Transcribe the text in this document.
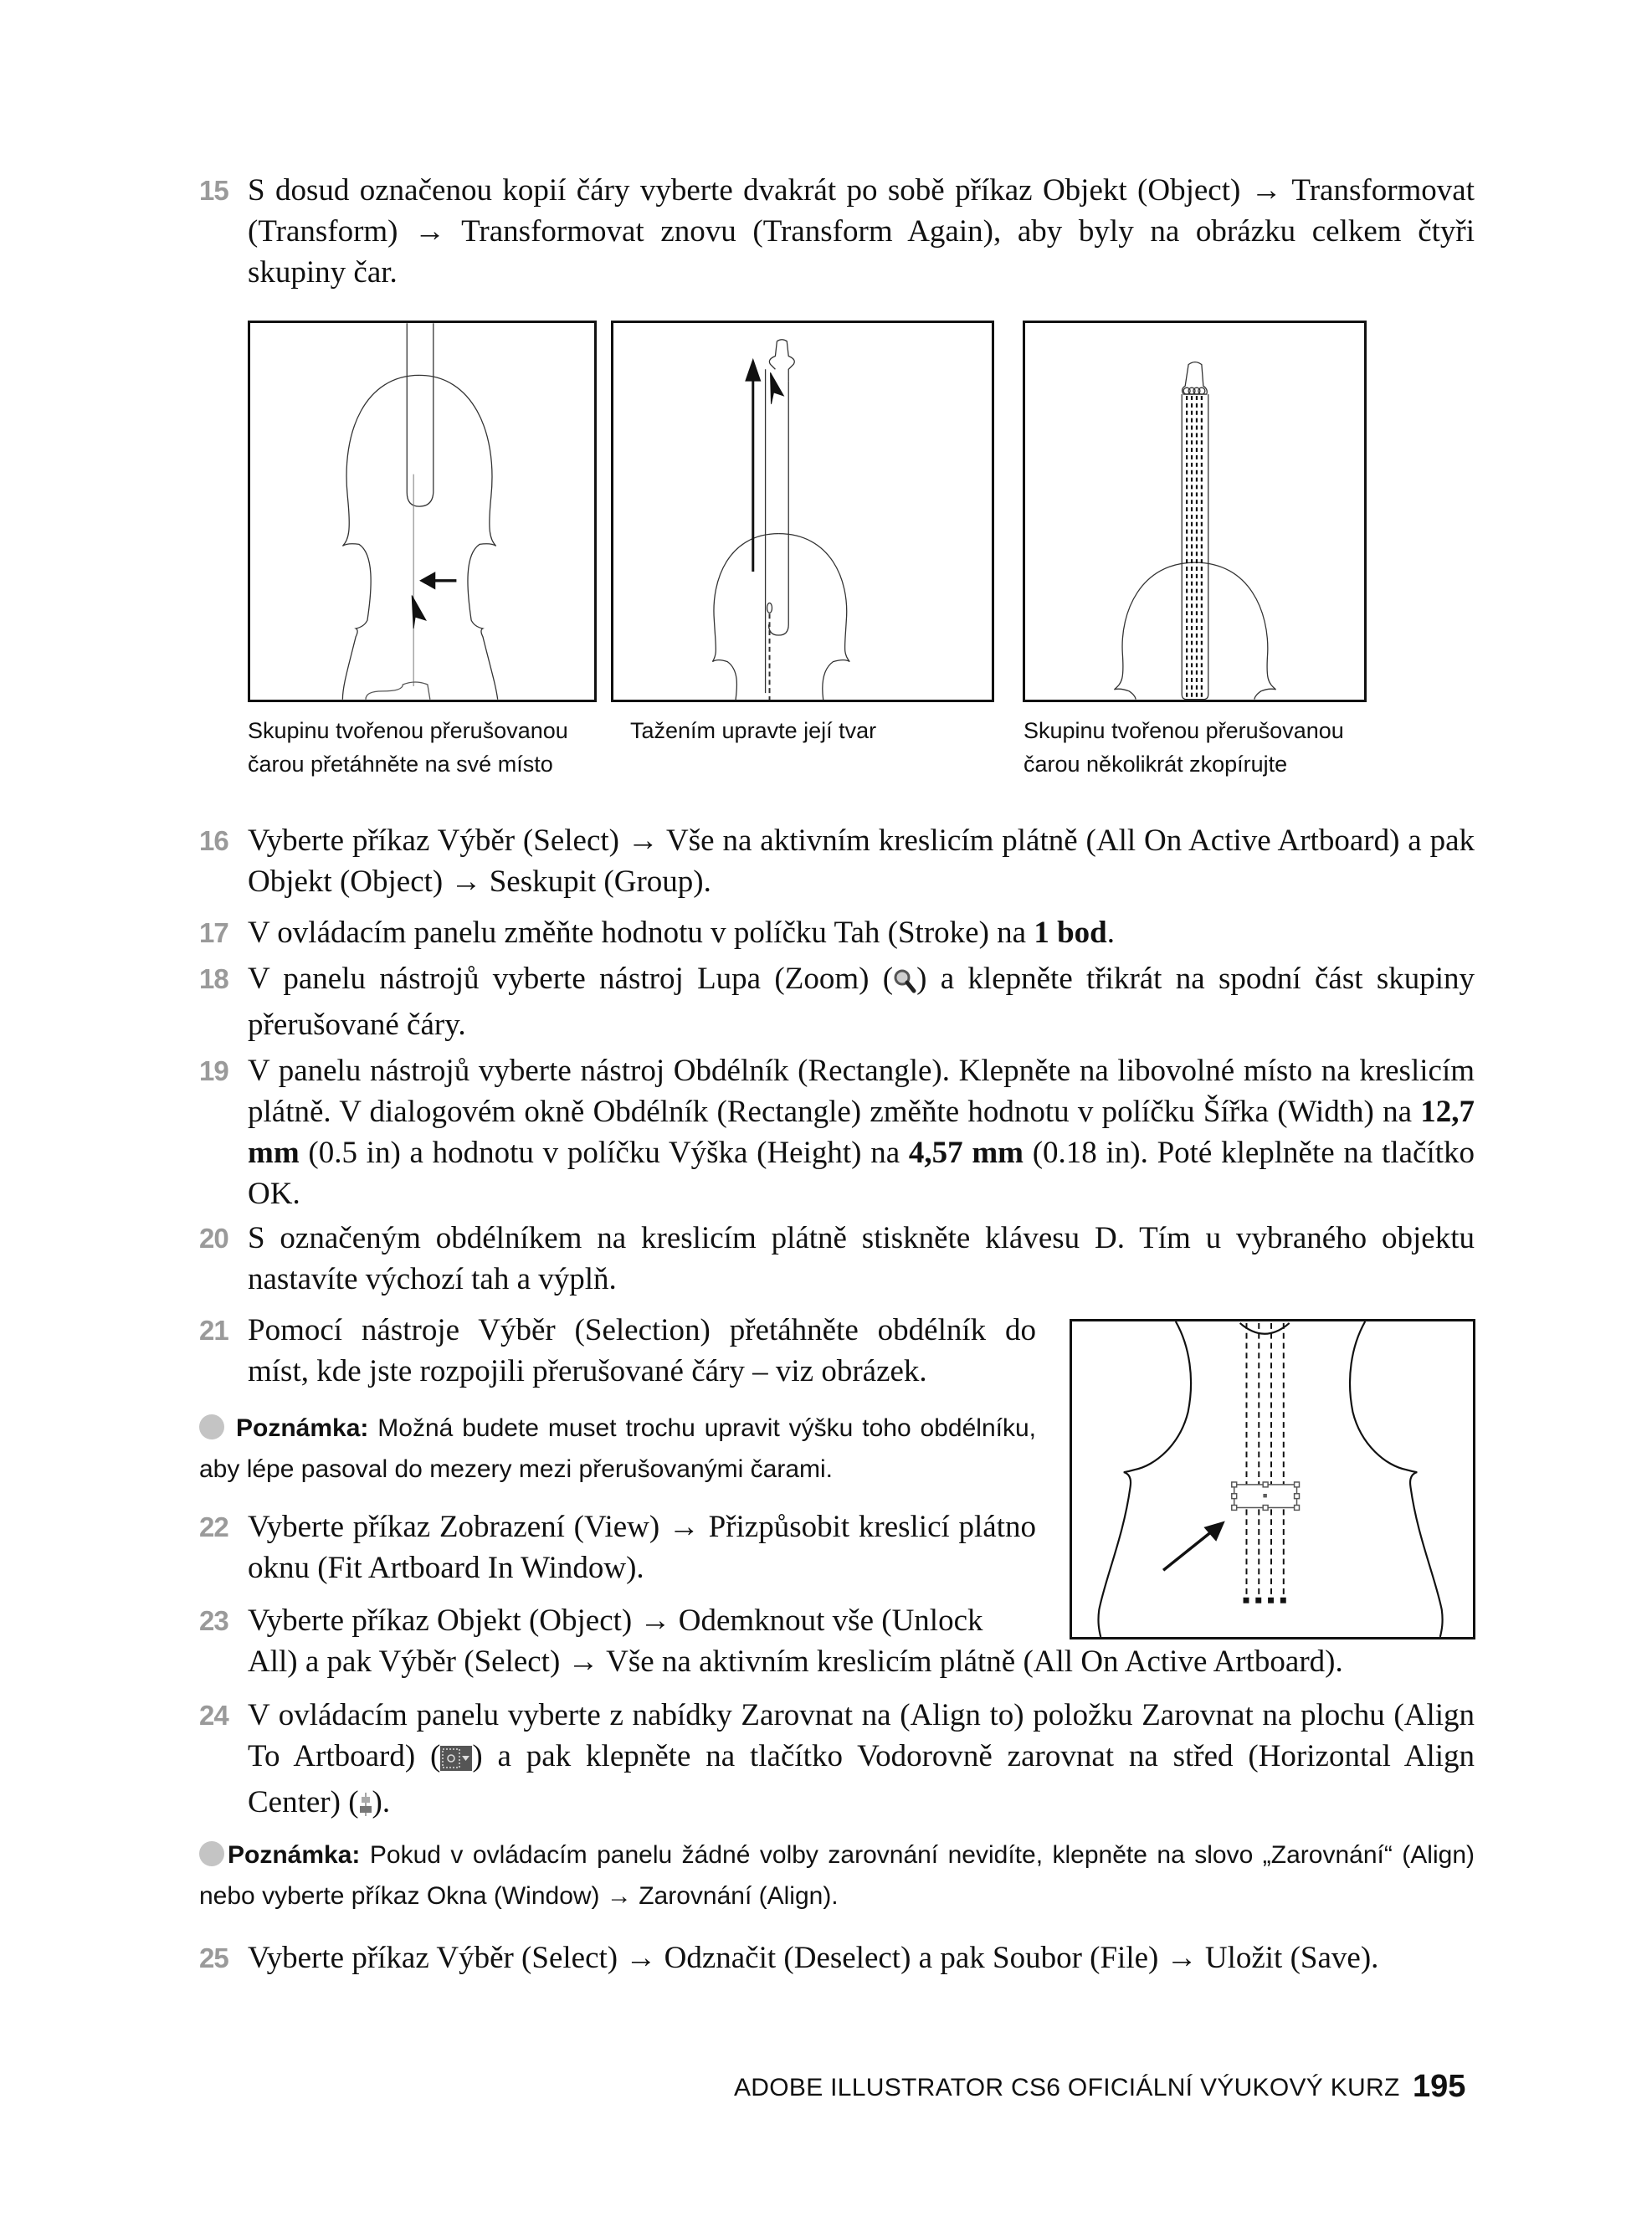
15 S dosud označenou kopií čáry vyberte dvakrát po sobě příkaz Objekt (Object) → Transformovat (Transform) → Transformovat znovu (Transform Again), aby byly na obrázku celkem čtyři skupiny čar.
Skupinu tvořenou přerušovanou
čarou přetáhněte na své místo
Tažením upravte její tvar	Skupinu tvořenou přerušovanou
čarou několikrát zkopírujte
16 Vyberte příkaz Výběr (Select) → Vše na aktivním kreslicím plátně (All On Active Artboard) a pak Objekt (Object) → Seskupit (Group).
17 V ovládacím panelu změňte hodnotu v políčku Tah (Stroke) na 1 bod.
18 V panelu nástrojů vyberte nástroj Lupa (Zoom) ( ) a klepněte třikrát na spodní část skupiny přerušované čáry.
19 V panelu nástrojů vyberte nástroj Obdélník (Rectangle). Klepněte na libovolné místo na kreslicím plátně. V dialogovém okně Obdélník (Rectangle) změňte hodnotu v políčku Šířka (Width) na 12,7 mm (0.5 in) a hodnotu v políčku Výška (Height) na 4,57 mm (0.18 in). Poté kleplněte na tlačítko OK.
20 S označeným obdélníkem na kreslicím plátně stiskněte klávesu D. Tím u vybraného objektu nastavíte výchozí tah a výplň.
21 Pomocí nástroje Výběr (Selection) přetáhněte obdélník do míst, kde jste rozpojili přerušované čáry – viz obrázek.
Poznámka: Možná budete muset trochu upravit výšku toho obdélníku, aby lépe pasoval do mezery mezi přerušovanými čarami.
22 Vyberte příkaz Zobrazení (View) → Přizpůsobit kreslicí plátno oknu (Fit Artboard In Window).
23 Vyberte příkaz Objekt (Object) → Odemknout vše (Unlock
All) a pak Výběr (Select) → Vše na aktivním kreslicím plátně (All On Active Artboard).
24 V ovládacím panelu vyberte z nabídky Zarovnat na (Align to) položku Zarovnat na plochu (Align To Artboard) ( ) a pak klepněte na tlačítko Vodorovně zarovnat na střed (Horizontal Align Center) ( ).
Poznámka: Pokud v ovládacím panelu žádné volby zarovnání nevidíte, klepněte na slovo „Zarovnání“ (Align) nebo vyberte příkaz Okna (Window) → Zarovnání (Align).
25 Vyberte příkaz Výběr (Select) → Odznačit (Deselect) a pak Soubor (File) → Uložit (Save).
ADOBE ILLUSTRATOR CS6 OFICIÁLNÍ VÝUKOVÝ KURZ 195
